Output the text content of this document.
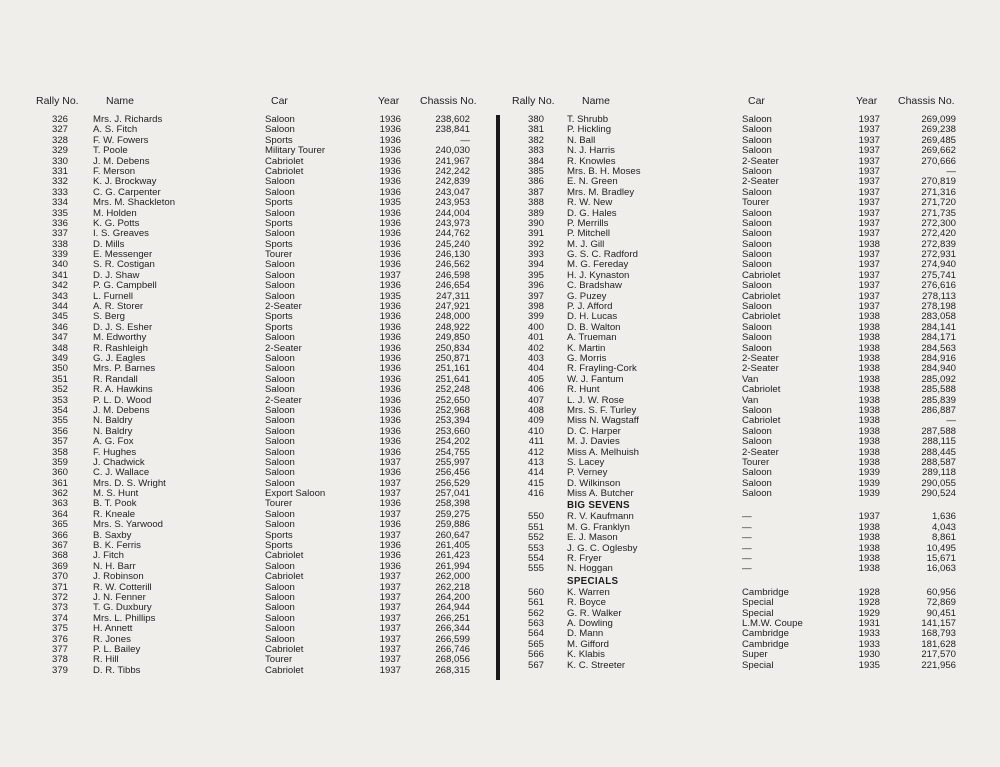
Rally No.	Name	Car	Year Chassis No.
326	Mrs. J. Richards	Saloon	1936	238,602
327	A. S. Fitch	Saloon	1936	238,841
328	F. W. Fowers	Sports	1936	—
329	T. Poole	Military Tourer	1936	240,030
330	J. M. Debens	Cabriolet	1936	241,967
331	F. Merson	Cabriolet	1936	242,242
332	K. J. Brockway	Saloon	1936	242,839
333	C. G. Carpenter	Saloon	1936	243,047
334	Mrs. M. Shackleton	Sports	1935	243,953
335	M. Holden	Saloon	1936	244,004
336	K. G. Potts	Sports	1936	243,973
337	I. S. Greaves	Saloon	1936	244,762
338	D. Mills	Sports	1936	245,240
339	E. Messenger	Tourer	1936	246,130
340	S. R. Costigan	Saloon	1936	246,562
341	D. J. Shaw	Saloon	1937	246,598
342	P. G. Campbell	Saloon	1936	246,654
343	L. Furnell	Saloon	1935	247,311
344	A. R. Storer	2-Seater	1936	247,921
345	S. Berg	Sports	1936	248,000
346	D. J. S. Esher	Sports	1936	248,922
347	M. Edworthy	Saloon	1936	249,850
348	R. Rashleigh	2-Seater	1936	250,834
349	G. J. Eagles	Saloon	1936	250,871
350	Mrs. P. Barnes	Saloon	1936	251,161
351	R. Randall	Saloon	1936	251,641
352	R. A. Hawkins	Saloon	1936	252,248
353	P. L. D. Wood	2-Seater	1936	252,650
354	J. M. Debens	Saloon	1936	252,968
355	N. Baldry	Saloon	1936	253,394
356	N. Baldry	Saloon	1936	253,660
357	A. G. Fox	Saloon	1936	254,202
358	F. Hughes	Saloon	1936	254,755
359	J. Chadwick	Saloon	1937	255,997
360	C. J. Wallace	Saloon	1936	256,456
361	Mrs. D. S. Wright	Saloon	1937	256,529
362	M. S. Hunt	Export Saloon	1937	257,041
363	B. T. Pook	Tourer	1936	258,398
364	R. Kneale	Saloon	1937	259,275
365	Mrs. S. Yarwood	Saloon	1936	259,886
366	B. Saxby	Sports	1937	260,647
367	B. K. Ferris	Sports	1936	261,405
368	J. Fitch	Cabriolet	1936	261,423
369	N. H. Barr	Saloon	1936	261,994
370	J. Robinson	Cabriolet	1937	262,000
371	R. W. Cotterill	Saloon	1937	262,218
372	J. N. Fenner	Saloon	1937	264,200
373	T. G. Duxbury	Saloon	1937	264,944
374	Mrs. L. Phillips	Saloon	1937	266,251
375	H. Annett	Saloon	1937	266,344
376	R. Jones	Saloon	1937	266,599
377	P. L. Bailey	Cabriolet	1937	266,746
378	R. Hill	Tourer	1937	268,056
379	D. R. Tibbs	Cabriolet	1937	268,315
Rally No.	Name	Car	Year Chassis No.
380 T. Shrubb	Saloon	1937	269,099
381 P. Hickling	Saloon	1937	269,238
382 N. Ball	Saloon	1937	269,485
383 N. J. Harris	Saloon	1937	269,662
384 R. Knowles	2-Seater	1937	270,666
385 Mrs. B. H. Moses	Saloon	1937	—
386 E. N. Green	2-Seater	1937	270,819
387 Mrs. M. Bradley	Saloon	1937	271,316
388 R. W. New	Tourer	1937	271,720
389 D. G. Hales	Saloon	1937	271,735
390 P. Merrills	Saloon	1937	272,300
391 P. Mitchell	Saloon	1937	272,420
392 M. J. Gill	Saloon	1938	272,839
393 G. S. C. Radford	Saloon	1937	272,931
394 M. G. Fereday	Saloon	1937	274,940
395 H. J. Kynaston	Cabriolet	1937	275,741
396 C. Bradshaw	Saloon	1937	276,616
397 G. Puzey	Cabriolet	1937	278,113
398 P. J. Afford	Saloon	1937	278,198
399 D. H. Lucas	Cabriolet	1938	283,058
400 D. B. Walton	Saloon	1938	284,141
401 A. Trueman	Saloon	1938	284,171
402 K. Martin	Saloon	1938	284,563
403 G. Morris	2-Seater	1938	284,916
404 R. Frayling-Cork	2-Seater	1938	284,940
405 W. J. Fantum	Van	1938	285,092
406 R. Hunt	Cabriolet	1938	285,588
407 L. J. W. Rose	Van	1938	285,839
408 Mrs. S. F. Turley	Saloon	1938	286,887
409 Miss N. Wagstaff	Cabriolet	1938	—
410 D. C. Harper	Saloon	1938	287,588
411 M. J. Davies	Saloon	1938	288,115
412 Miss A. Melhuish	2-Seater	1938	288,445
413 S. Lacey	Tourer	1938	288,587
414 P. Verney	Saloon	1939	289,118
415 D. Wilkinson	Saloon	1939	290,055
416 Miss A. Butcher	Saloon	1939	290,524
BIG SEVENS
550 R. V. Kaufmann	—	1937	1,636
551 M. G. Franklyn	—	1938	4,043
552 E. J. Mason	—	1938	8,861
553 J. G. C. Oglesby	—	1938	10,495
554 R. Fryer	—	1938	15,671
555 N. Hoggan	—	1938	16,063
SPECIALS
560 K. Warren	Cambridge	1928	60,956
561 R. Boyce	Special	1928	72,869
562 G. R. Walker	Special	1929	90,451
563 A. Dowling	L.M.W. Coupe	1931	141,157
564 D. Mann	Cambridge	1933	168,793
565 M. Gifford	Cambridge	1933	181,628
566 K. Klabis	Super	1930	217,570
567 K. C. Streeter	Special	1935	221,956
